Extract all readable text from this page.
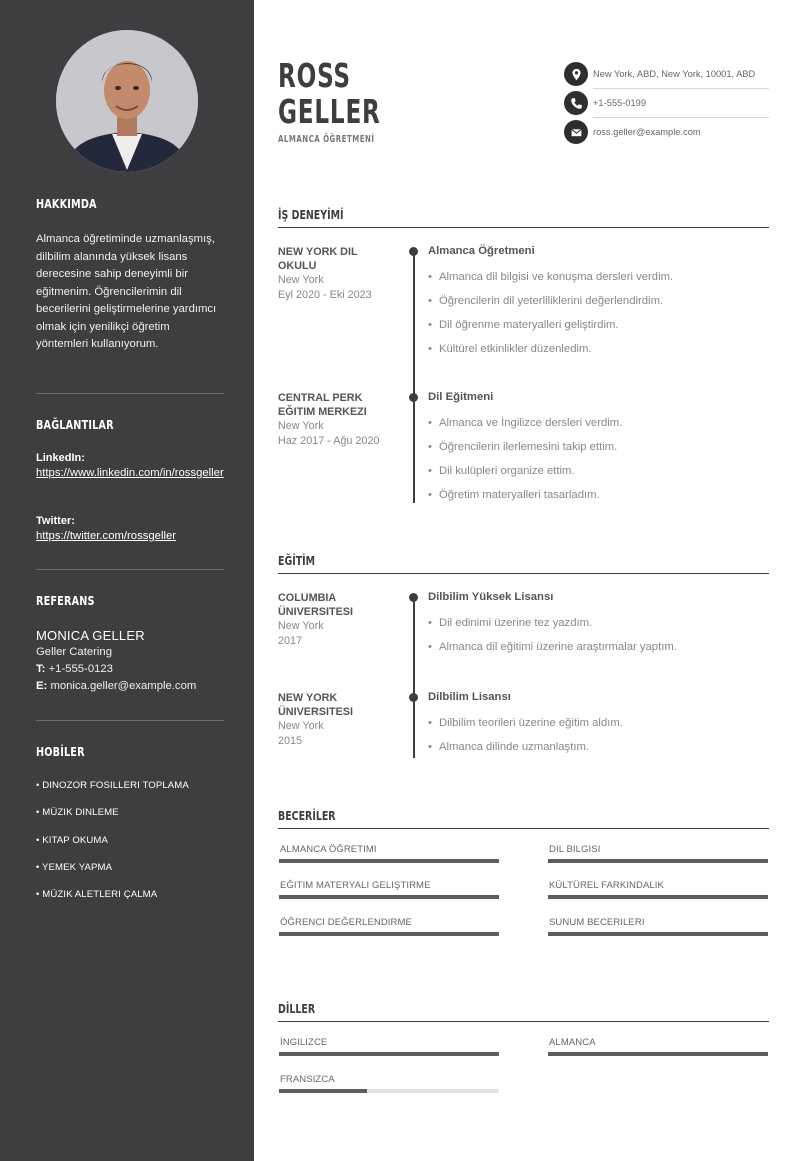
HAKKIMDA
Almanca öğretiminde uzmanlaşmış, dilbilim alanında yüksek lisans derecesine sahip deneyimli bir eğitmenim. Öğrencilerimin dil becerilerini geliştirmelerine yardımcı olmak için yenilikçi öğretim yöntemleri kullanıyorum.
BAĞLANTILAR
LinkedIn:
https://www.linkedin.com/in/rossgeller
Twitter:
https://twitter.com/rossgeller
REFERANS
MONICA GELLER
Geller Catering
T: +1-555-0123
E: monica.geller@example.com
HOBİLER
• DINOZOR FOSILLERI TOPLAMA
• MÜZIK DINLEME
• KITAP OKUMA
• YEMEK YAPMA
• MÜZIK ALETLERI ÇALMA
ROSS
GELLER
ALMANCA ÖĞRETMENİ
New York, ABD, New York, 10001, ABD
+1-555-0199
ross.geller@example.com
İŞ DENEYİMİ
NEW YORK DIL OKULU
New York
Eyl 2020 - Eki 2023
Almanca Öğretmeni
• Almanca dil bilgisi ve konuşma dersleri verdim.
• Öğrencilerin dil yeterliliklerini değerlendirdim.
• Dil öğrenme materyalleri geliştirdim.
• Kültürel etkinlikler düzenledim.
CENTRAL PERK EĞITIM MERKEZI
New York
Haz 2017 - Ağu 2020
Dil Eğitmeni
• Almanca ve İngilizce dersleri verdim.
• Öğrencilerin ilerlemesini takip ettim.
• Dil kulüpleri organize ettim.
• Öğretim materyalleri tasarladım.
EĞİTİM
COLUMBIA ÜNIVERSITESI
New York
2017
Dilbilim Yüksek Lisansı
• Dil edinimi üzerine tez yazdım.
• Almanca dil eğitimi üzerine araştırmalar yaptım.
NEW YORK ÜNIVERSITESI
New York
2015
Dilbilim Lisansı
• Dilbilim teorileri üzerine eğitim aldım.
• Almanca dilinde uzmanlaştım.
BECERİLER
ALMANCA ÖĞRETIMI	DIL BILGISI
EĞITIM MATERYALI GELIŞTIRME	KÜLTÜREL FARKINDALIK
ÖĞRENCI DEĞERLENDIRME	SUNUM BECERILERI
DİLLER
İNGILIZCE	ALMANCA
FRANSIZCA
